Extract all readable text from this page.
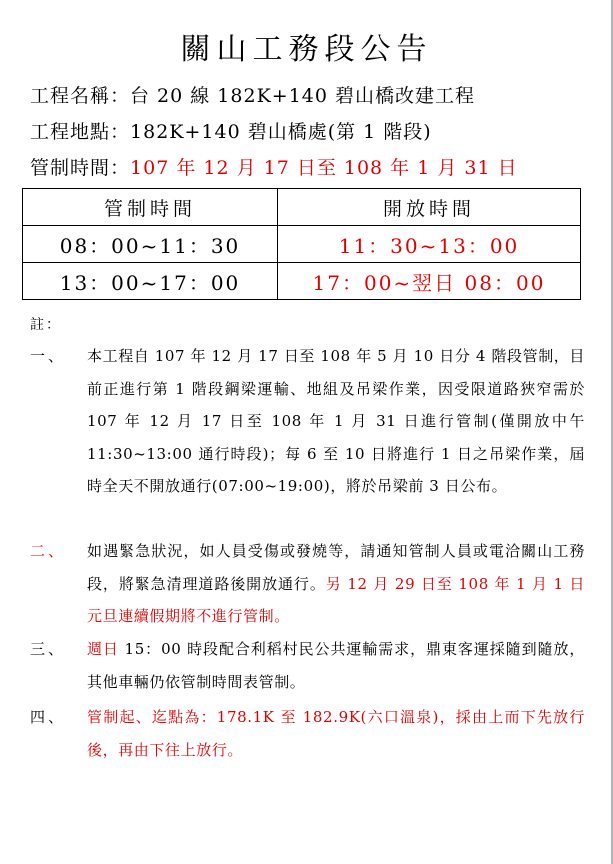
關山工務段公告
工程名稱：台 20 線 182K+140 碧山橋改建工程
工程地點：182K+140 碧山橋處(第 1 階段)
管制時間：107 年 12 月 17 日至 108 年 1 月 31 日
管制時間	開放時間
08：00~11：30	11：30~13：00
13：00~17：00	17：00~翌日 08：00
註：
一、	本工程自 107 年 12 月 17 日至 108 年 5 月 10 日分 4 階段管制，目前正進行第 1 階段鋼梁運輸、地組及吊梁作業，因受限道路狹窄需於 107 年 12 月 17 日至 108 年 1 月 31 日進行管制(僅開放中午 11:30~13:00 通行時段)；每 6 至 10 日將進行 1 日之吊梁作業，屆時全天不開放通行(07:00~19:00)，將於吊梁前 3 日公布。
二、	如遇緊急狀況，如人員受傷或發燒等，請通知管制人員或電洽關山工務段，將緊急清理道路後開放通行。另 12 月 29 日至 108 年 1 月 1 日元旦連續假期將不進行管制。
三、	週日 15：00 時段配合利稻村民公共運輸需求，鼎東客運採隨到隨放，其他車輛仍依管制時間表管制。
四、	管制起、迄點為：178.1K 至 182.9K(六口溫泉)，採由上而下先放行後，再由下往上放行。
